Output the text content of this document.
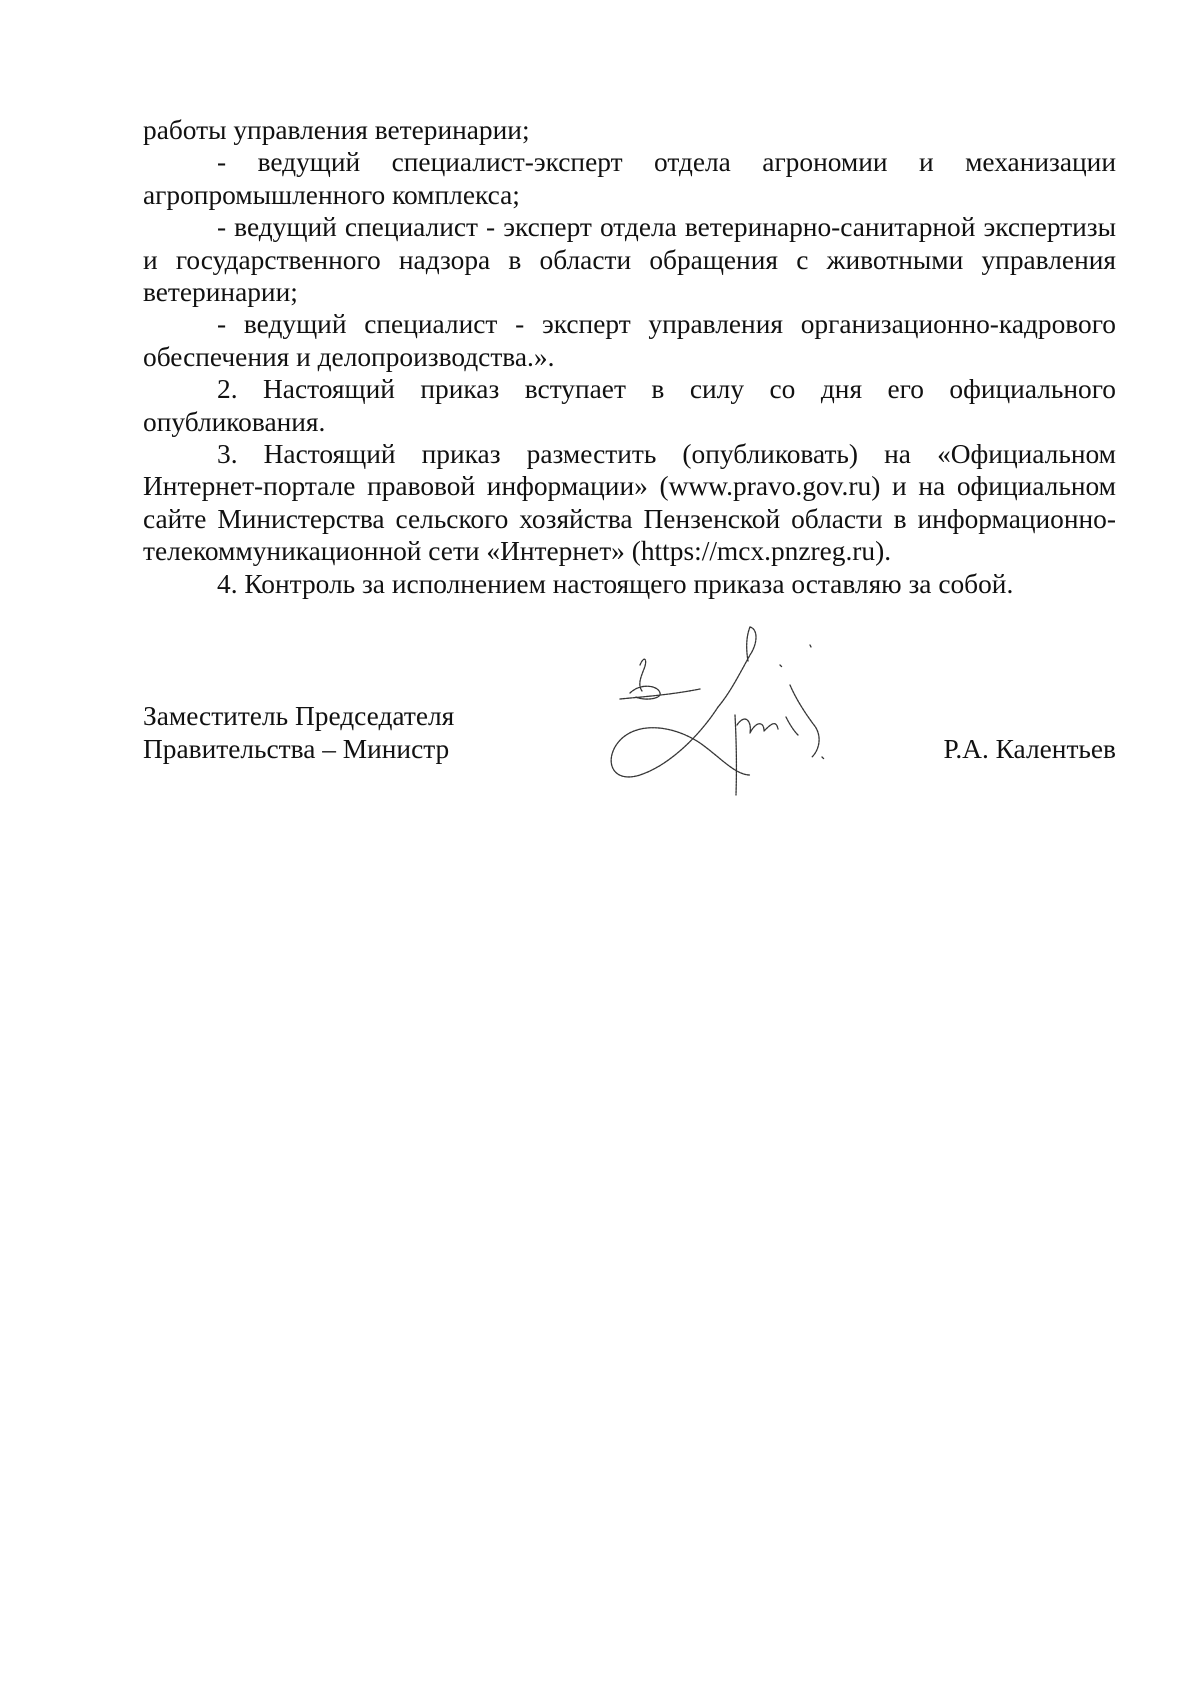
работы управления ветеринарии;

- ведущий специалист-эксперт отдела агрономии и механизации агропромышленного комплекса;

- ведущий специалист - эксперт отдела ветеринарно-санитарной экспертизы и государственного надзора в области обращения с животными управления ветеринарии;

- ведущий специалист - эксперт управления организационно-кадрового обеспечения и делопроизводства.».

2. Настоящий приказ вступает в силу со дня его официального опубликования.

3. Настоящий приказ разместить (опубликовать) на «Официальном Интернет-портале правовой информации» (www.pravo.gov.ru) и на официальном сайте Министерства сельского хозяйства Пензенской области в информационно-телекоммуникационной сети «Интернет» (https://mcx.pnzreg.ru).

4. Контроль за исполнением настоящего приказа оставляю за собой.

Заместитель Председателя
Правительства – Министр	Р.А. Калентьев
